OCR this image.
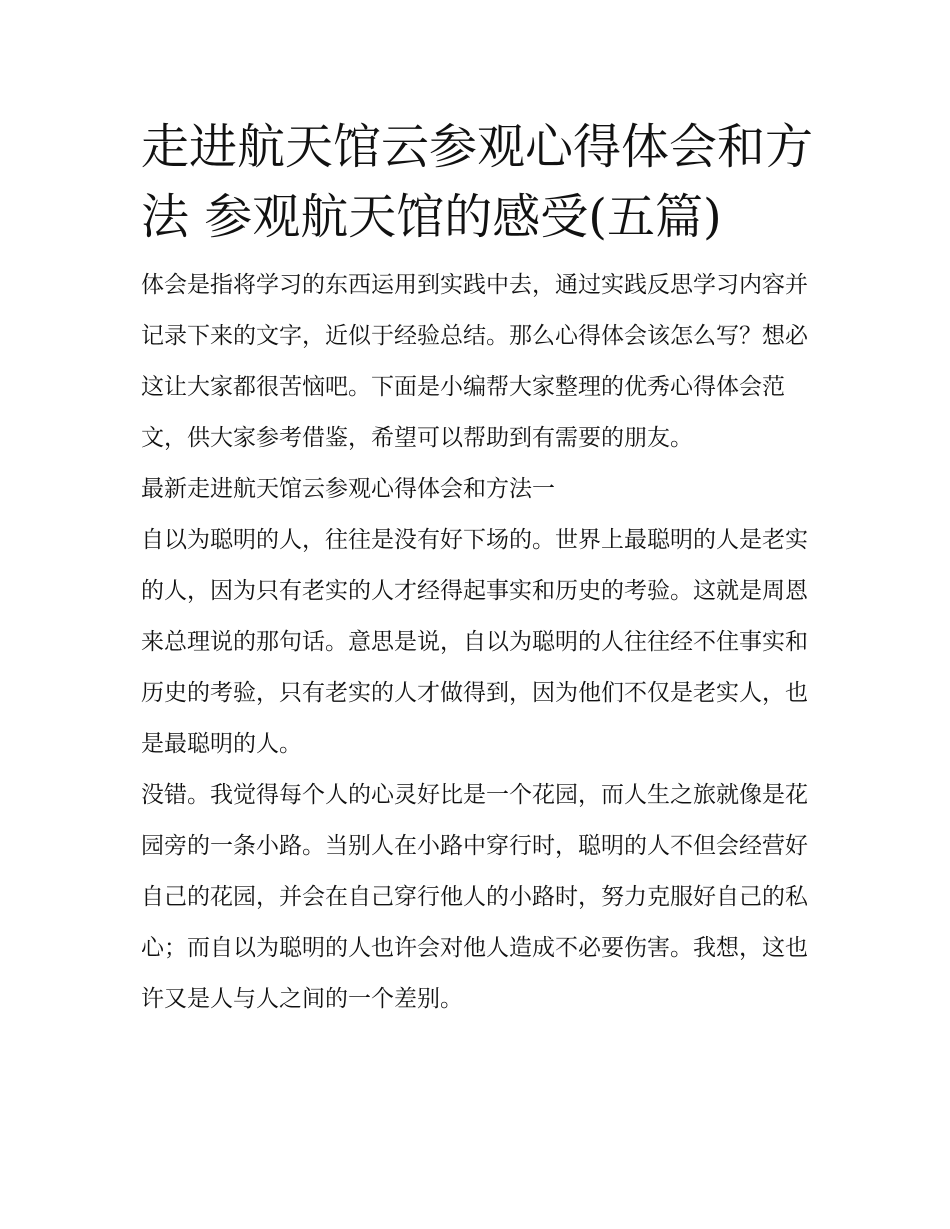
走进航天馆云参观心得体会和方法 参观航天馆的感受(五篇)

体会是指将学习的东西运用到实践中去，通过实践反思学习内容并记录下来的文字，近似于经验总结。那么心得体会该怎么写？想必这让大家都很苦恼吧。下面是小编帮大家整理的优秀心得体会范文，供大家参考借鉴，希望可以帮助到有需要的朋友。

最新走进航天馆云参观心得体会和方法一

自以为聪明的人，往往是没有好下场的。世界上最聪明的人是老实的人，因为只有老实的人才经得起事实和历史的考验。这就是周恩来总理说的那句话。意思是说，自以为聪明的人往往经不住事实和历史的考验，只有老实的人才做得到，因为他们不仅是老实人，也是最聪明的人。

没错。我觉得每个人的心灵好比是一个花园，而人生之旅就像是花园旁的一条小路。当别人在小路中穿行时，聪明的人不但会经营好自己的花园，并会在自己穿行他人的小路时，努力克服好自己的私心；而自以为聪明的人也许会对他人造成不必要伤害。我想，这也许又是人与人之间的一个差别。
